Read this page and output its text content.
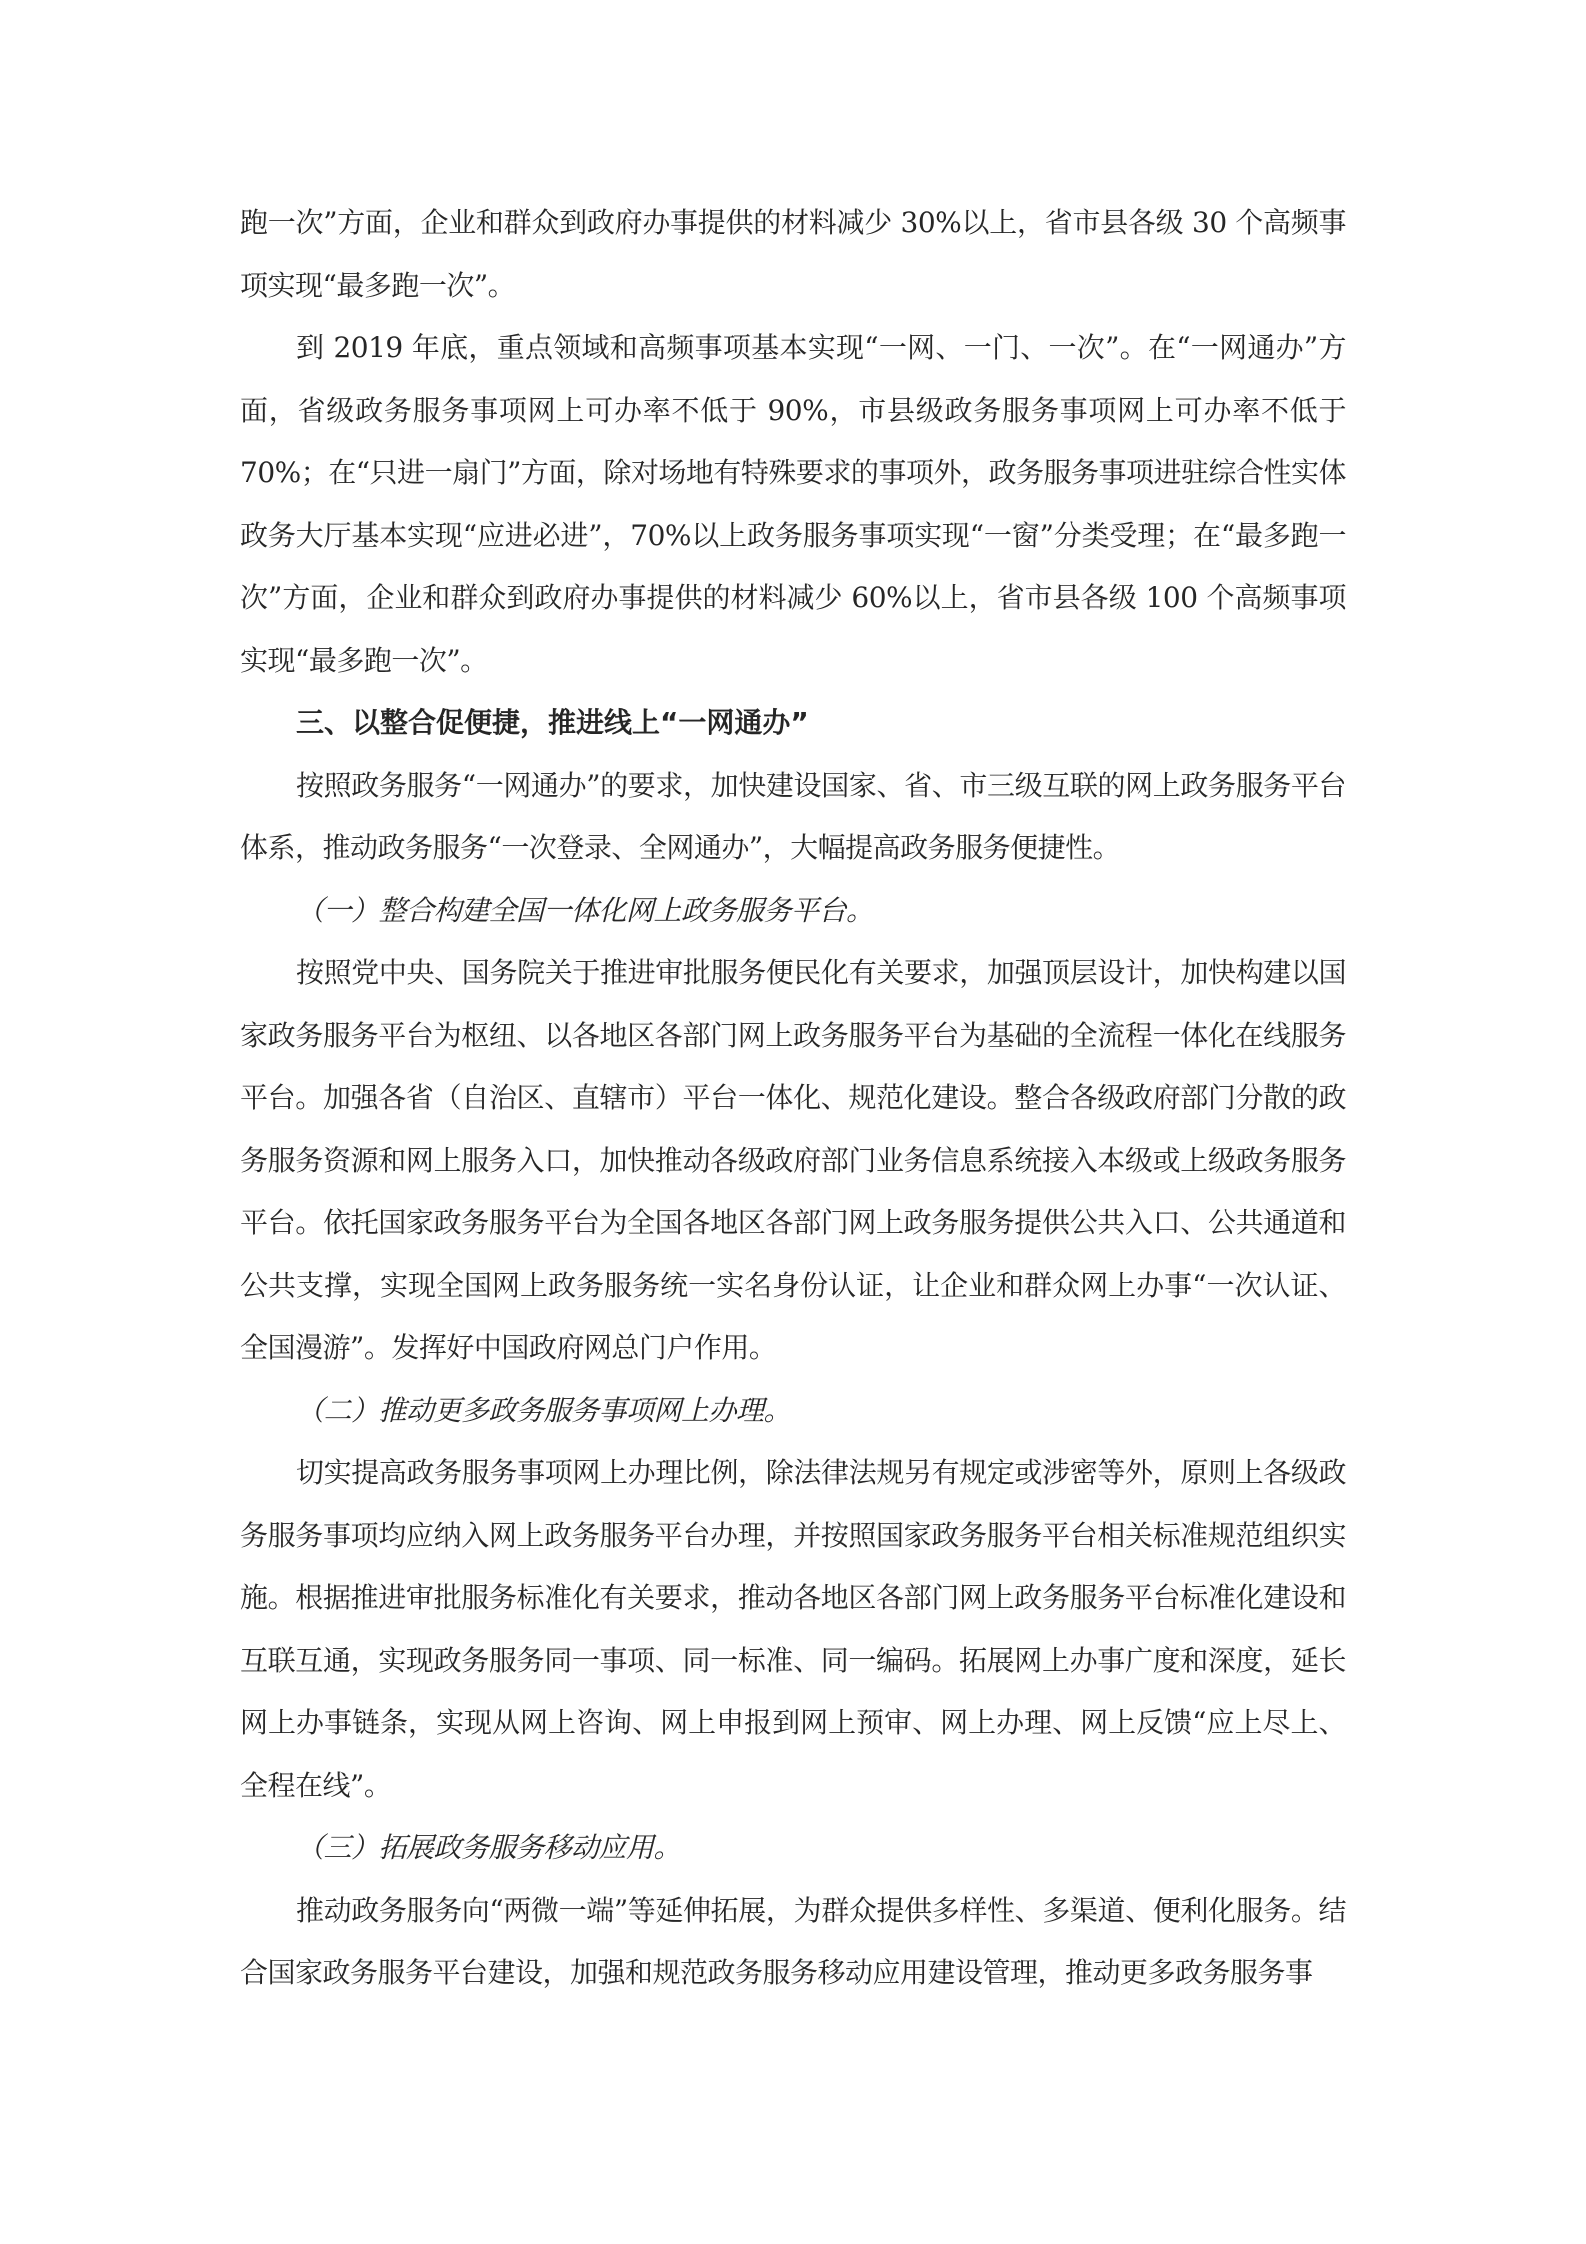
跑一次”方面，企业和群众到政府办事提供的材料减少 30%以上，省市县各级 30 个高频事项实现“最多跑一次”。

到 2019 年底，重点领域和高频事项基本实现“一网、一门、一次”。在“一网通办”方面，省级政务服务事项网上可办率不低于 90%，市县级政务服务事项网上可办率不低于 70%；在“只进一扇门”方面，除对场地有特殊要求的事项外，政务服务事项进驻综合性实体政务大厅基本实现“应进必进”，70%以上政务服务事项实现“一窗”分类受理；在“最多跑一次”方面，企业和群众到政府办事提供的材料减少 60%以上，省市县各级 100 个高频事项实现“最多跑一次”。

三、以整合促便捷，推进线上“一网通办”

按照政务服务“一网通办”的要求，加快建设国家、省、市三级互联的网上政务服务平台体系，推动政务服务“一次登录、全网通办”，大幅提高政务服务便捷性。

（一）整合构建全国一体化网上政务服务平台。

按照党中央、国务院关于推进审批服务便民化有关要求，加强顶层设计，加快构建以国家政务服务平台为枢纽、以各地区各部门网上政务服务平台为基础的全流程一体化在线服务平台。加强各省（自治区、直辖市）平台一体化、规范化建设。整合各级政府部门分散的政务服务资源和网上服务入口，加快推动各级政府部门业务信息系统接入本级或上级政务服务平台。依托国家政务服务平台为全国各地区各部门网上政务服务提供公共入口、公共通道和公共支撑，实现全国网上政务服务统一实名身份认证，让企业和群众网上办事“一次认证、全国漫游”。发挥好中国政府网总门户作用。

（二）推动更多政务服务事项网上办理。

切实提高政务服务事项网上办理比例，除法律法规另有规定或涉密等外，原则上各级政务服务事项均应纳入网上政务服务平台办理，并按照国家政务服务平台相关标准规范组织实施。根据推进审批服务标准化有关要求，推动各地区各部门网上政务服务平台标准化建设和互联互通，实现政务服务同一事项、同一标准、同一编码。拓展网上办事广度和深度，延长网上办事链条，实现从网上咨询、网上申报到网上预审、网上办理、网上反馈“应上尽上、全程在线”。

（三）拓展政务服务移动应用。

推动政务服务向“两微一端”等延伸拓展，为群众提供多样性、多渠道、便利化服务。结合国家政务服务平台建设，加强和规范政务服务移动应用建设管理，推动更多政务服务事
